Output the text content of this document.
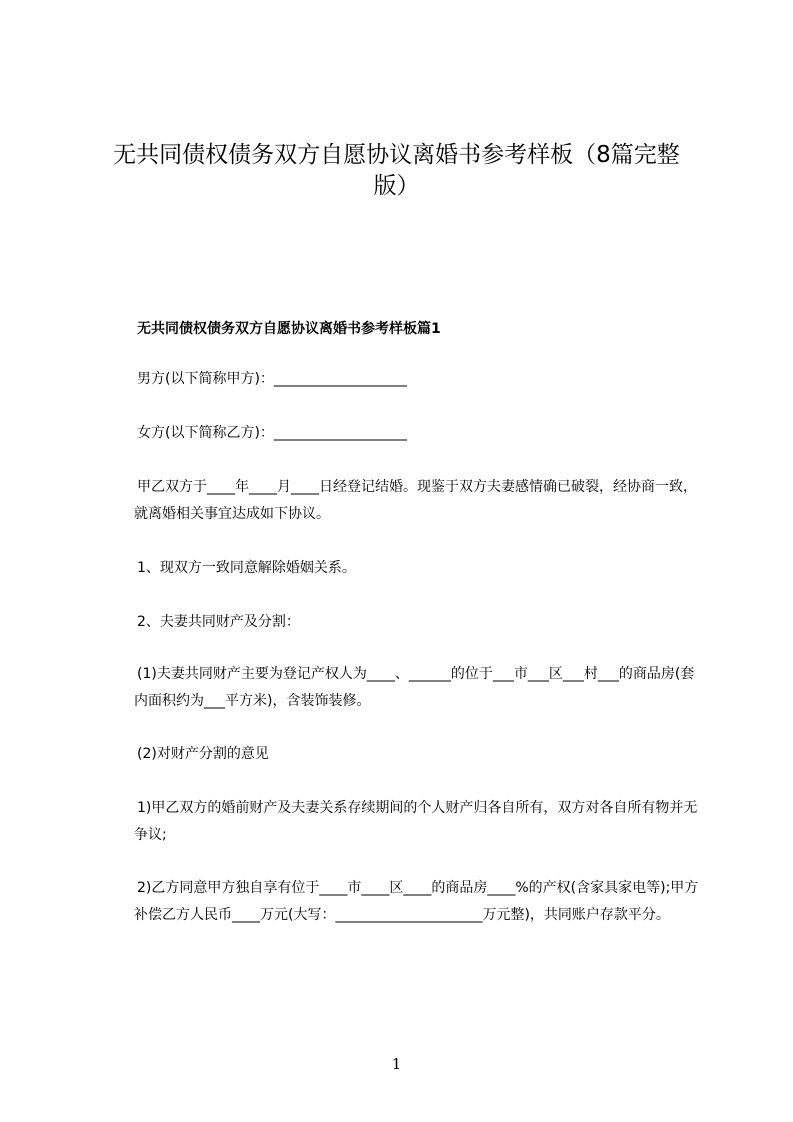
无共同债权债务双方自愿协议离婚书参考样板（8篇完整版）
无共同债权债务双方自愿协议离婚书参考样板篇1

男方(以下简称甲方)：___________________

女方(以下简称乙方)：___________________

甲乙双方于____年____月____日经登记结婚。现鉴于双方夫妻感情确已破裂，经协商一致，就离婚相关事宜达成如下协议。

1、现双方一致同意解除婚姻关系。

2、夫妻共同财产及分割：

(1)夫妻共同财产主要为登记产权人为____、______的位于___市___区___村___的商品房(套内面积约为___平方米)，含装饰装修。

(2)对财产分割的意见

1)甲乙双方的婚前财产及夫妻关系存续期间的个人财产归各自所有，双方对各自所有物并无争议;

2)乙方同意甲方独自享有位于____市____区____的商品房____%的产权(含家具家电等);甲方补偿乙方人民币____万元(大写：_____________________万元整)，共同账户存款平分。

1
